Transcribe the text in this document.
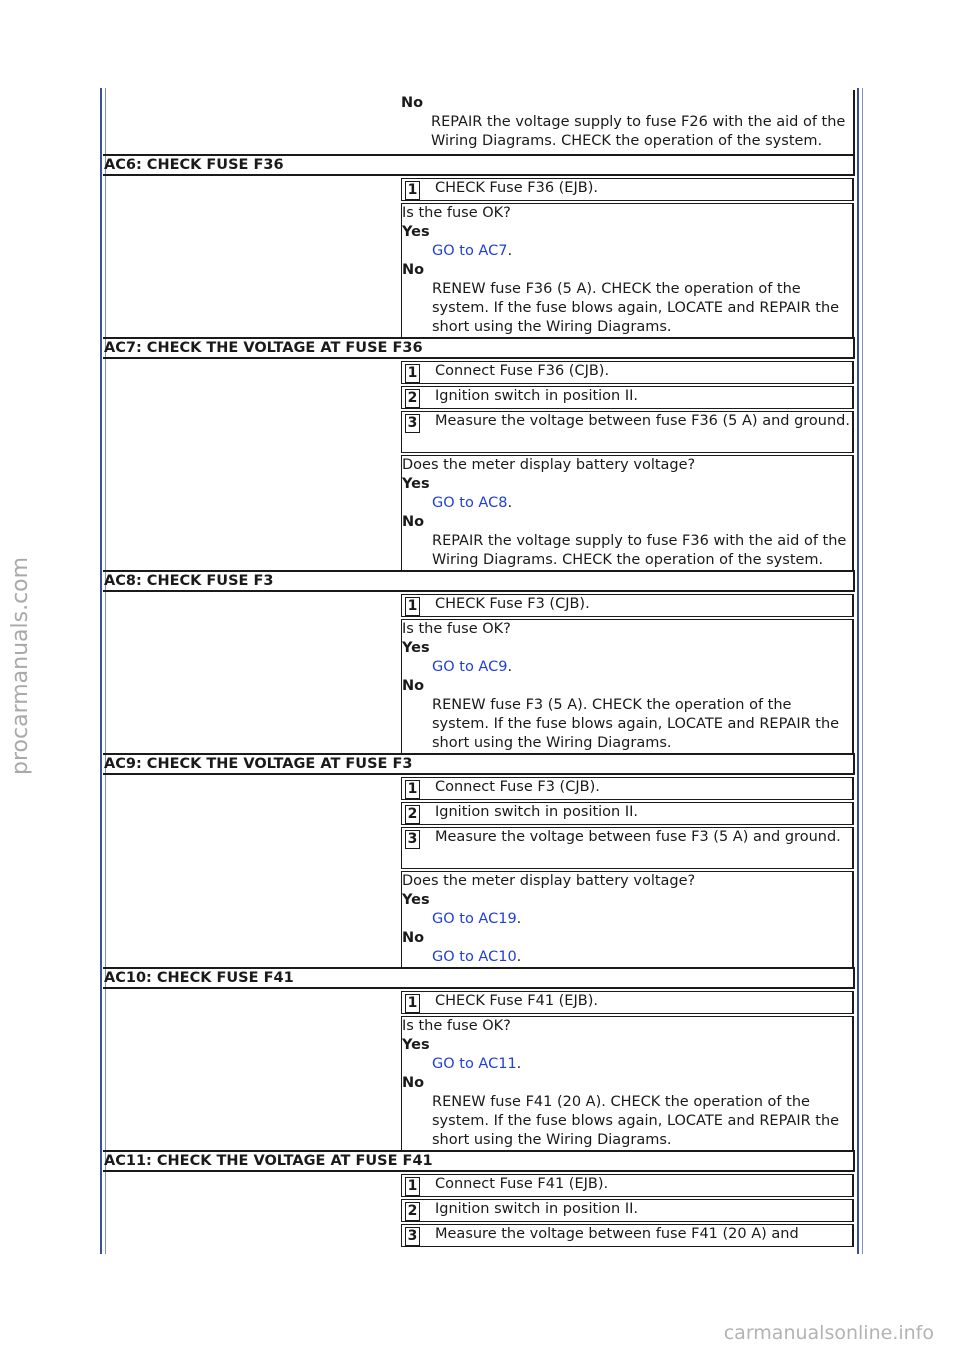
No
REPAIR the voltage supply to fuse F26 with the aid of the Wiring Diagrams. CHECK the operation of the system.
AC6: CHECK FUSE F36
1 CHECK Fuse F36 (EJB).
Is the fuse OK?
Yes
GO to AC7.
No
RENEW fuse F36 (5 A). CHECK the operation of the system. If the fuse blows again, LOCATE and REPAIR the short using the Wiring Diagrams.
AC7: CHECK THE VOLTAGE AT FUSE F36
1 Connect Fuse F36 (CJB).
2 Ignition switch in position II.
3 Measure the voltage between fuse F36 (5 A) and ground.
Does the meter display battery voltage?
Yes
GO to AC8.
No
REPAIR the voltage supply to fuse F36 with the aid of the Wiring Diagrams. CHECK the operation of the system.
AC8: CHECK FUSE F3
1 CHECK Fuse F3 (CJB).
Is the fuse OK?
Yes
GO to AC9.
No
RENEW fuse F3 (5 A). CHECK the operation of the system. If the fuse blows again, LOCATE and REPAIR the short using the Wiring Diagrams.
AC9: CHECK THE VOLTAGE AT FUSE F3
1 Connect Fuse F3 (CJB).
2 Ignition switch in position II.
3 Measure the voltage between fuse F3 (5 A) and ground.
Does the meter display battery voltage?
Yes
GO to AC19.
No
GO to AC10.
AC10: CHECK FUSE F41
1 CHECK Fuse F41 (EJB).
Is the fuse OK?
Yes
GO to AC11.
No
RENEW fuse F41 (20 A). CHECK the operation of the system. If the fuse blows again, LOCATE and REPAIR the short using the Wiring Diagrams.
AC11: CHECK THE VOLTAGE AT FUSE F41
1 Connect Fuse F41 (EJB).
2 Ignition switch in position II.
3 Measure the voltage between fuse F41 (20 A) and
procarmanuals.com
carmanualsonline.info
